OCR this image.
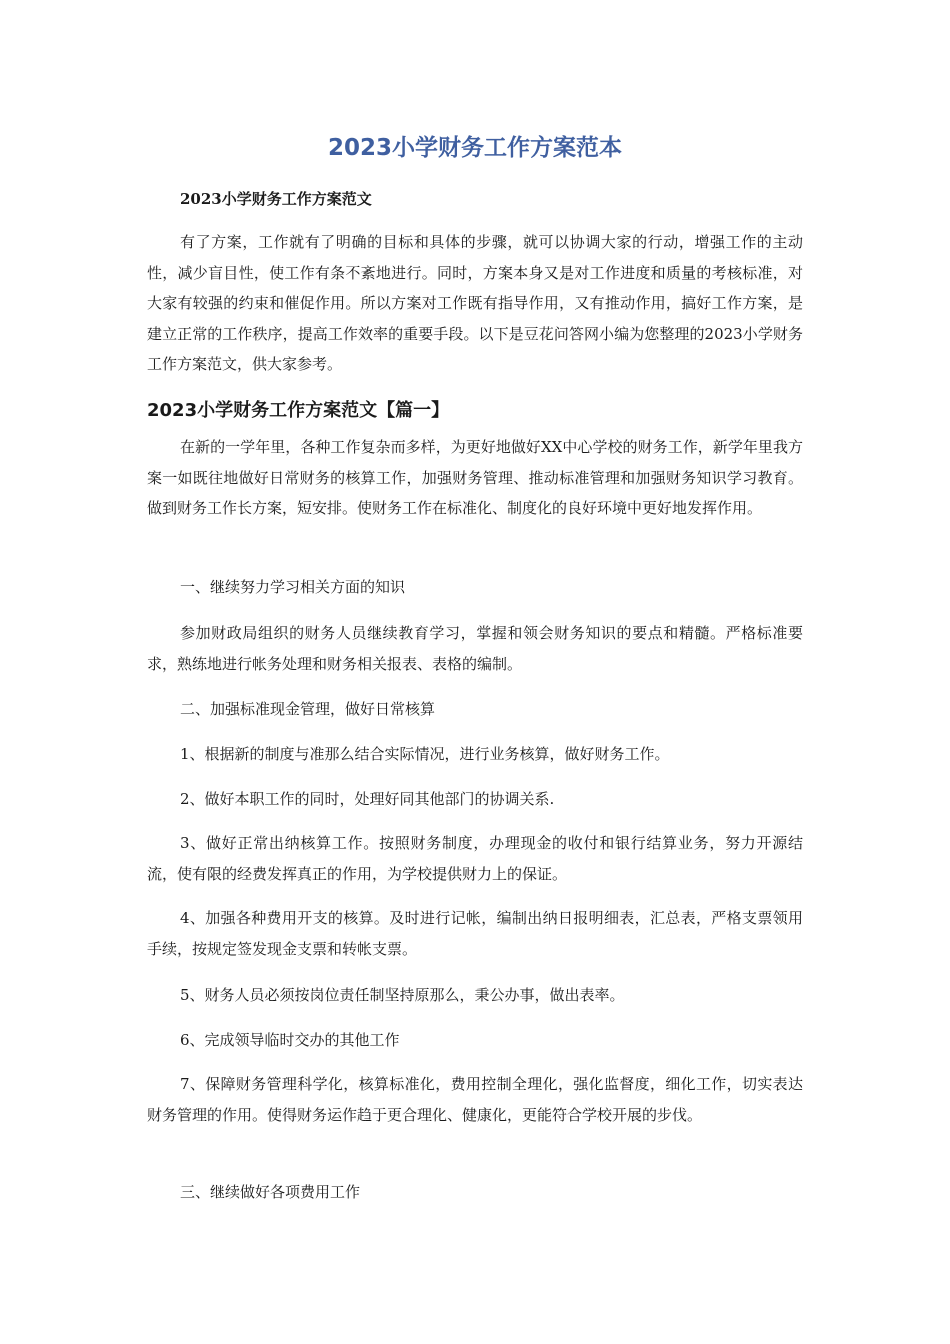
2023小学财务工作方案范本

2023小学财务工作方案范文

有了方案，工作就有了明确的目标和具体的步骤，就可以协调大家的行动，增强工作的主动性，减少盲目性，使工作有条不紊地进行。同时，方案本身又是对工作进度和质量的考核标准，对大家有较强的约束和催促作用。所以方案对工作既有指导作用，又有推动作用，搞好工作方案，是建立正常的工作秩序，提高工作效率的重要手段。以下是豆花问答网小编为您整理的2023小学财务工作方案范文，供大家参考。

2023小学财务工作方案范文【篇一】

在新的一学年里，各种工作复杂而多样，为更好地做好XX中心学校的财务工作，新学年里我方案一如既往地做好日常财务的核算工作，加强财务管理、推动标准管理和加强财务知识学习教育。做到财务工作长方案，短安排。使财务工作在标准化、制度化的良好环境中更好地发挥作用。

一、继续努力学习相关方面的知识

参加财政局组织的财务人员继续教育学习，掌握和领会财务知识的要点和精髓。严格标准要求，熟练地进行帐务处理和财务相关报表、表格的编制。

二、加强标准现金管理，做好日常核算

1、根据新的制度与准那么结合实际情况，进行业务核算，做好财务工作。

2、做好本职工作的同时，处理好同其他部门的协调关系.

3、做好正常出纳核算工作。按照财务制度，办理现金的收付和银行结算业务，努力开源结流，使有限的经费发挥真正的作用，为学校提供财力上的保证。

4、加强各种费用开支的核算。及时进行记帐，编制出纳日报明细表，汇总表，严格支票领用手续，按规定签发现金支票和转帐支票。

5、财务人员必须按岗位责任制坚持原那么，秉公办事，做出表率。

6、完成领导临时交办的其他工作

7、保障财务管理科学化，核算标准化，费用控制全理化，强化监督度，细化工作，切实表达财务管理的作用。使得财务运作趋于更合理化、健康化，更能符合学校开展的步伐。

三、继续做好各项费用工作
